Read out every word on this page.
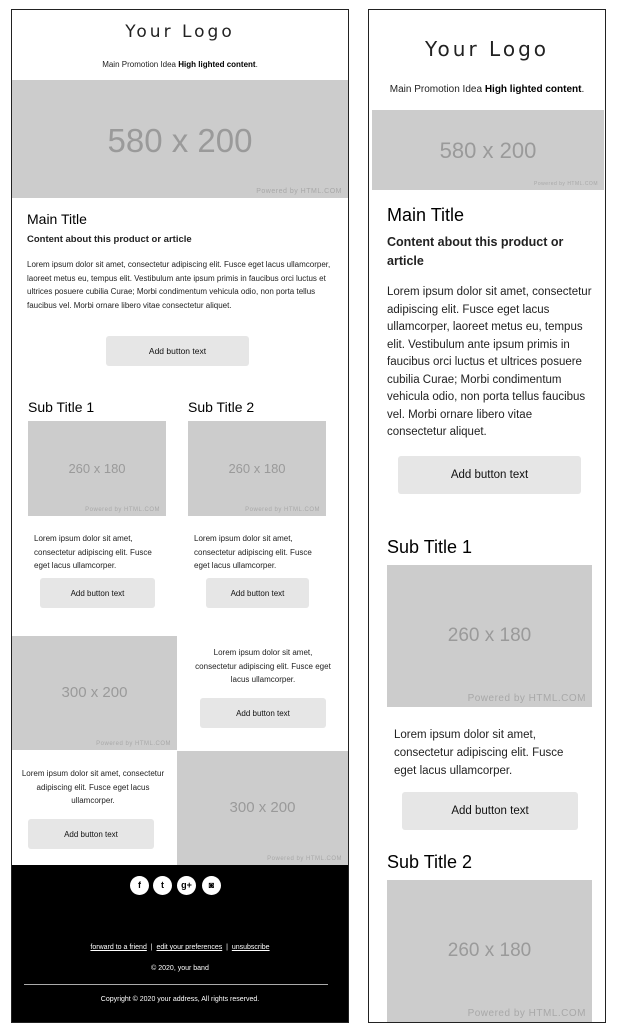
Your Logo
Main Promotion Idea High lighted content.
580 x 200
Powered by HTML.COM
Main Title
Content about this product or article
Lorem ipsum dolor sit amet, consectetur adipiscing elit. Fusce eget lacus ullamcorper, laoreet metus eu, tempus elit. Vestibulum ante ipsum primis in faucibus orci luctus et ultrices posuere cubilia Curae; Morbi condimentum vehicula odio, non porta tellus faucibus vel. Morbi ornare libero vitae consectetur aliquet.
Add button text
Sub Title 1
260 x 180
Powered by HTML.COM
Lorem ipsum dolor sit amet, consectetur adipiscing elit. Fusce eget lacus ullamcorper.
Add button text
Sub Title 2
260 x 180
Powered by HTML.COM
Lorem ipsum dolor sit amet, consectetur adipiscing elit. Fusce eget lacus ullamcorper.
Add button text
300 x 200
Powered by HTML.COM
Lorem ipsum dolor sit amet, consectetur adipiscing elit. Fusce eget lacus ullamcorper.
Add button text
Lorem ipsum dolor sit amet, consectetur adipiscing elit. Fusce eget lacus ullamcorper.
Add button text
300 x 200
Powered by HTML.COM
f	t	g+	◙
forward to a friend | edit your preferences | unsubscribe
© 2020, your band
Copyright © 2020 your address, All rights reserved.
Your Logo
Main Promotion Idea High lighted content.
580 x 200
Powered by HTML.COM
Main Title
Content about this product or article
Lorem ipsum dolor sit amet, consectetur adipiscing elit. Fusce eget lacus ullamcorper, laoreet metus eu, tempus elit. Vestibulum ante ipsum primis in faucibus orci luctus et ultrices posuere cubilia Curae; Morbi condimentum vehicula odio, non porta tellus faucibus vel. Morbi ornare libero vitae consectetur aliquet.
Add button text
Sub Title 1
260 x 180
Powered by HTML.COM
Lorem ipsum dolor sit amet, consectetur adipiscing elit. Fusce eget lacus ullamcorper.
Add button text
Sub Title 2
260 x 180
Powered by HTML.COM
